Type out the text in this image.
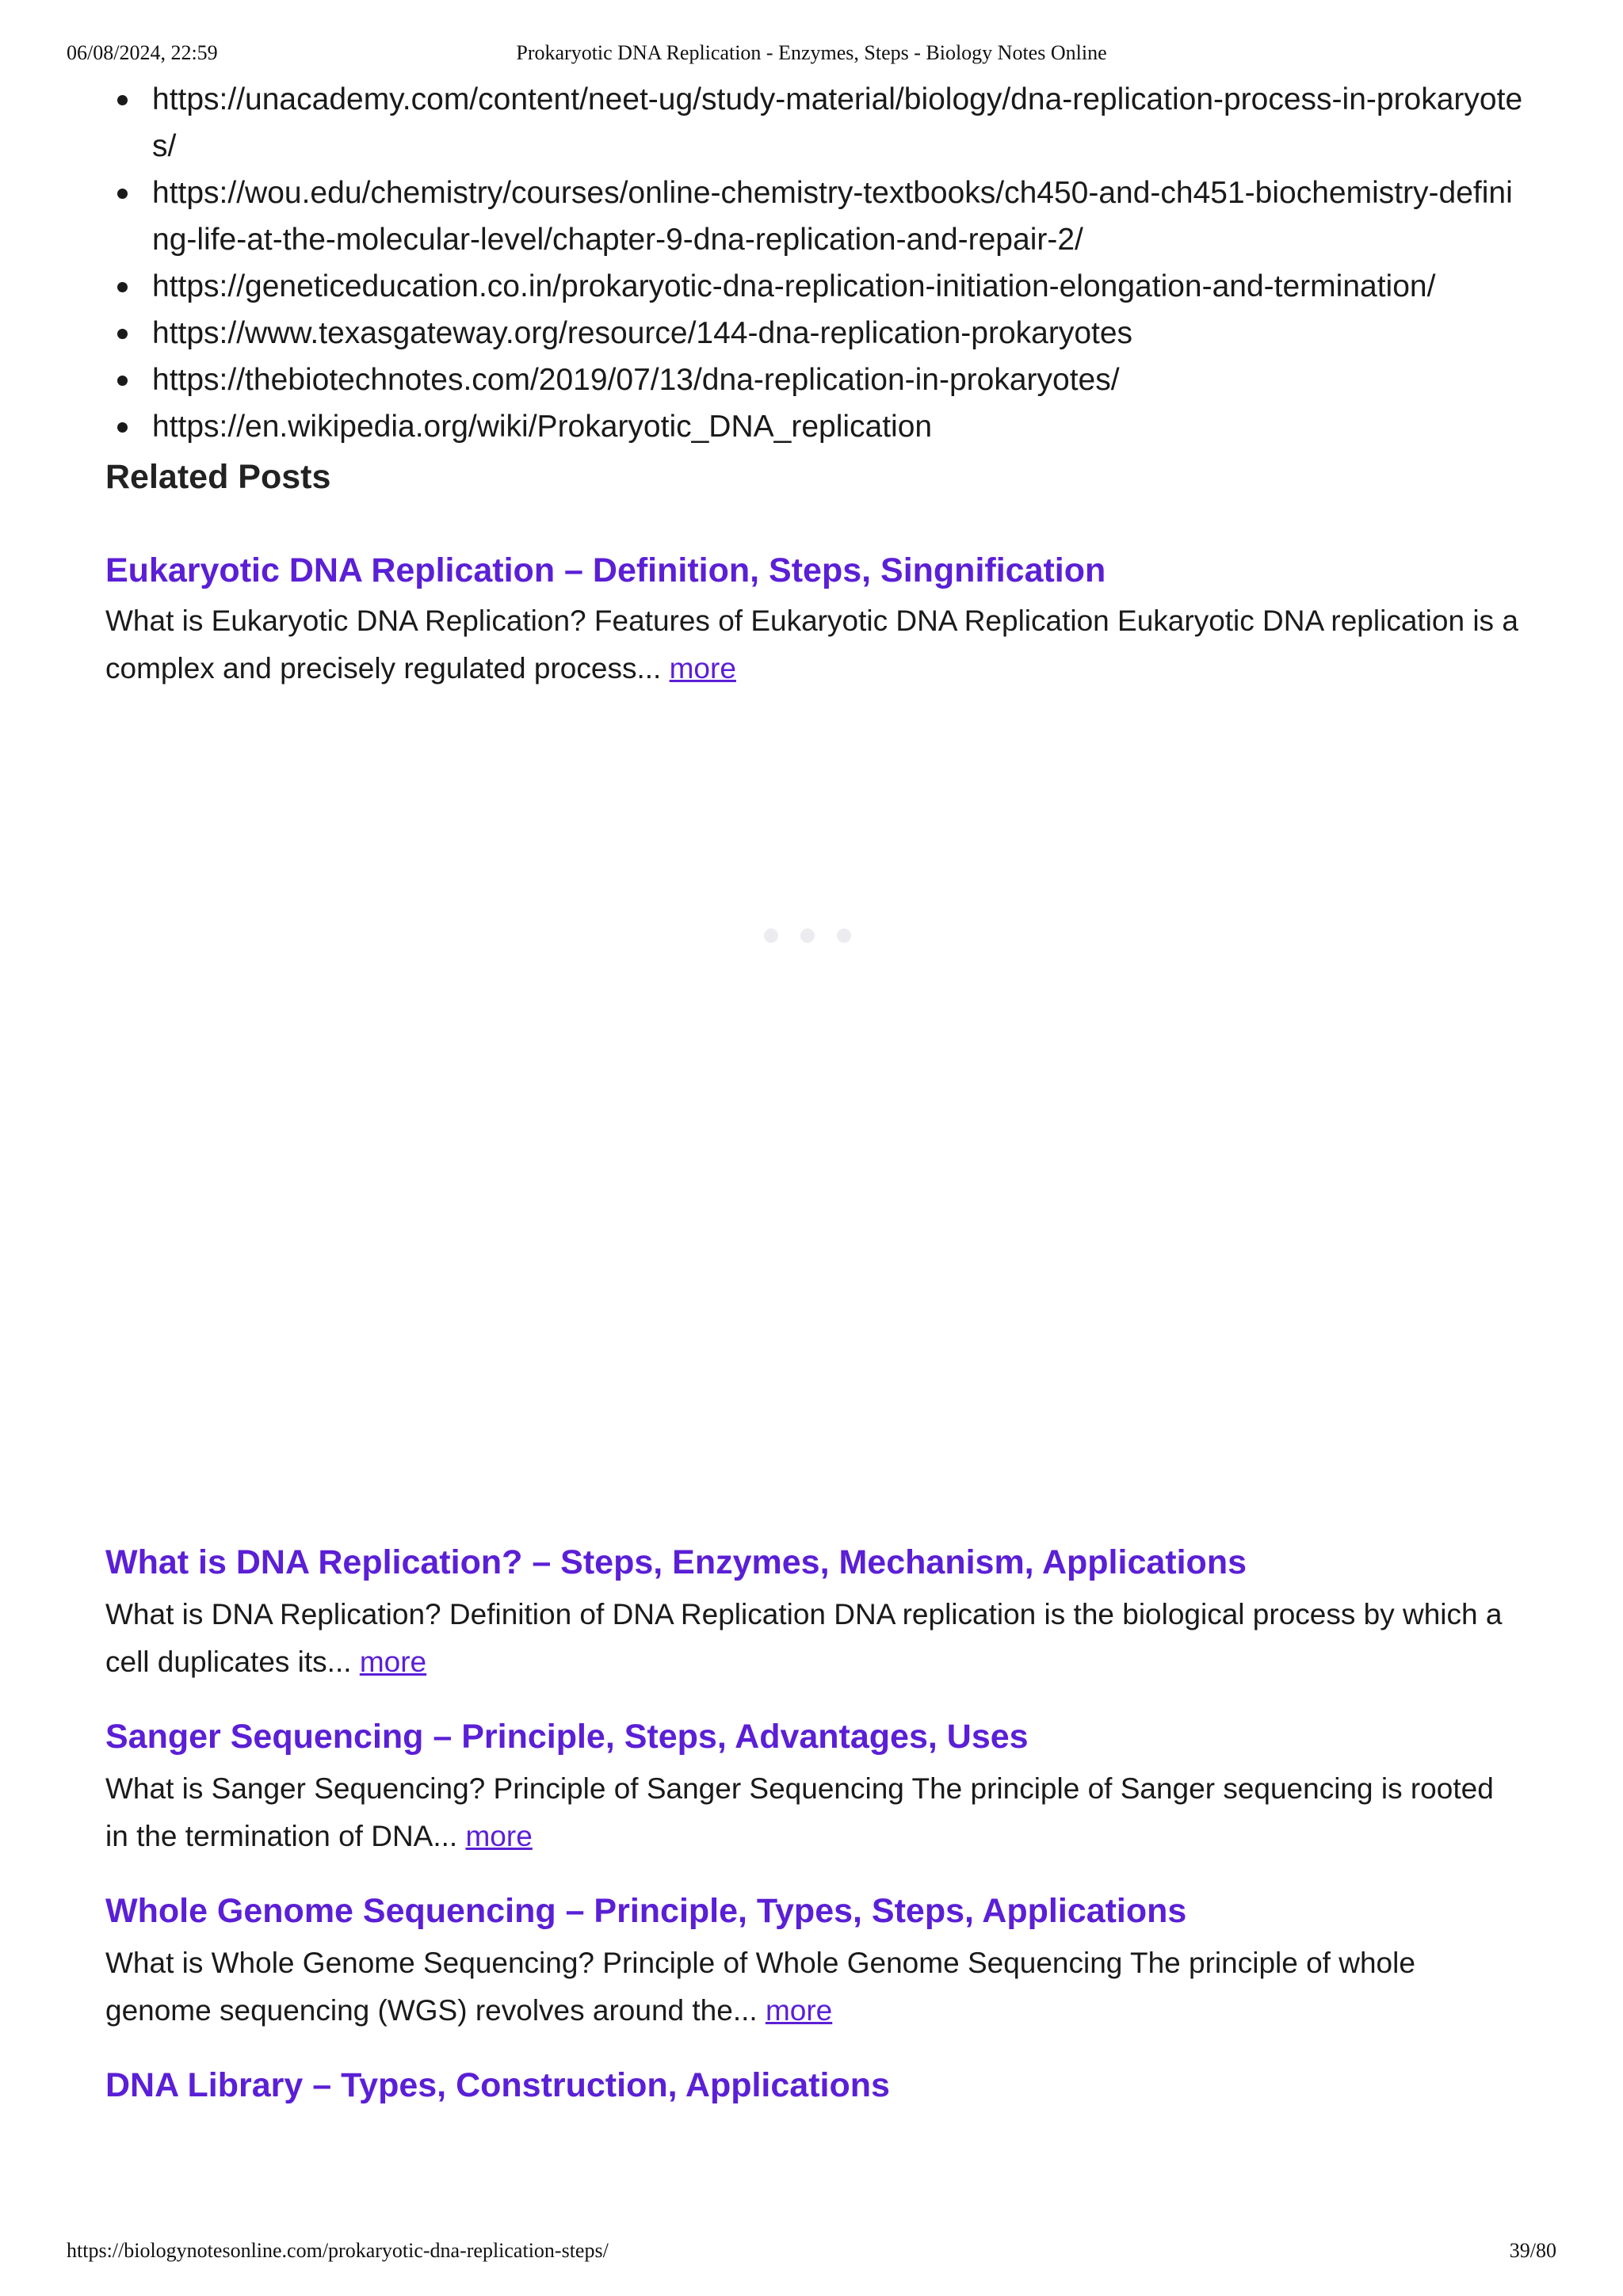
06/08/2024, 22:59	Prokaryotic DNA Replication - Enzymes, Steps - Biology Notes Online
https://unacademy.com/content/neet-ug/study-material/biology/dna-replication-process-in-prokaryotes/
https://wou.edu/chemistry/courses/online-chemistry-textbooks/ch450-and-ch451-biochemistry-defining-life-at-the-molecular-level/chapter-9-dna-replication-and-repair-2/
https://geneticeducation.co.in/prokaryotic-dna-replication-initiation-elongation-and-termination/
https://www.texasgateway.org/resource/144-dna-replication-prokaryotes
https://thebiotechnotes.com/2019/07/13/dna-replication-in-prokaryotes/
https://en.wikipedia.org/wiki/Prokaryotic_DNA_replication
Related Posts
Eukaryotic DNA Replication – Definition, Steps, Singnification

What is Eukaryotic DNA Replication? Features of Eukaryotic DNA Replication Eukaryotic DNA replication is a complex and precisely regulated process... more

What is DNA Replication? – Steps, Enzymes, Mechanism, Applications

What is DNA Replication? Definition of DNA Replication DNA replication is the biological process by which a cell duplicates its... more

Sanger Sequencing – Principle, Steps, Advantages, Uses

What is Sanger Sequencing? Principle of Sanger Sequencing The principle of Sanger sequencing is rooted in the termination of DNA... more

Whole Genome Sequencing – Principle, Types, Steps, Applications

What is Whole Genome Sequencing? Principle of Whole Genome Sequencing The principle of whole genome sequencing (WGS) revolves around the... more

DNA Library – Types, Construction, Applications
https://biologynotesonline.com/prokaryotic-dna-replication-steps/	39/80
